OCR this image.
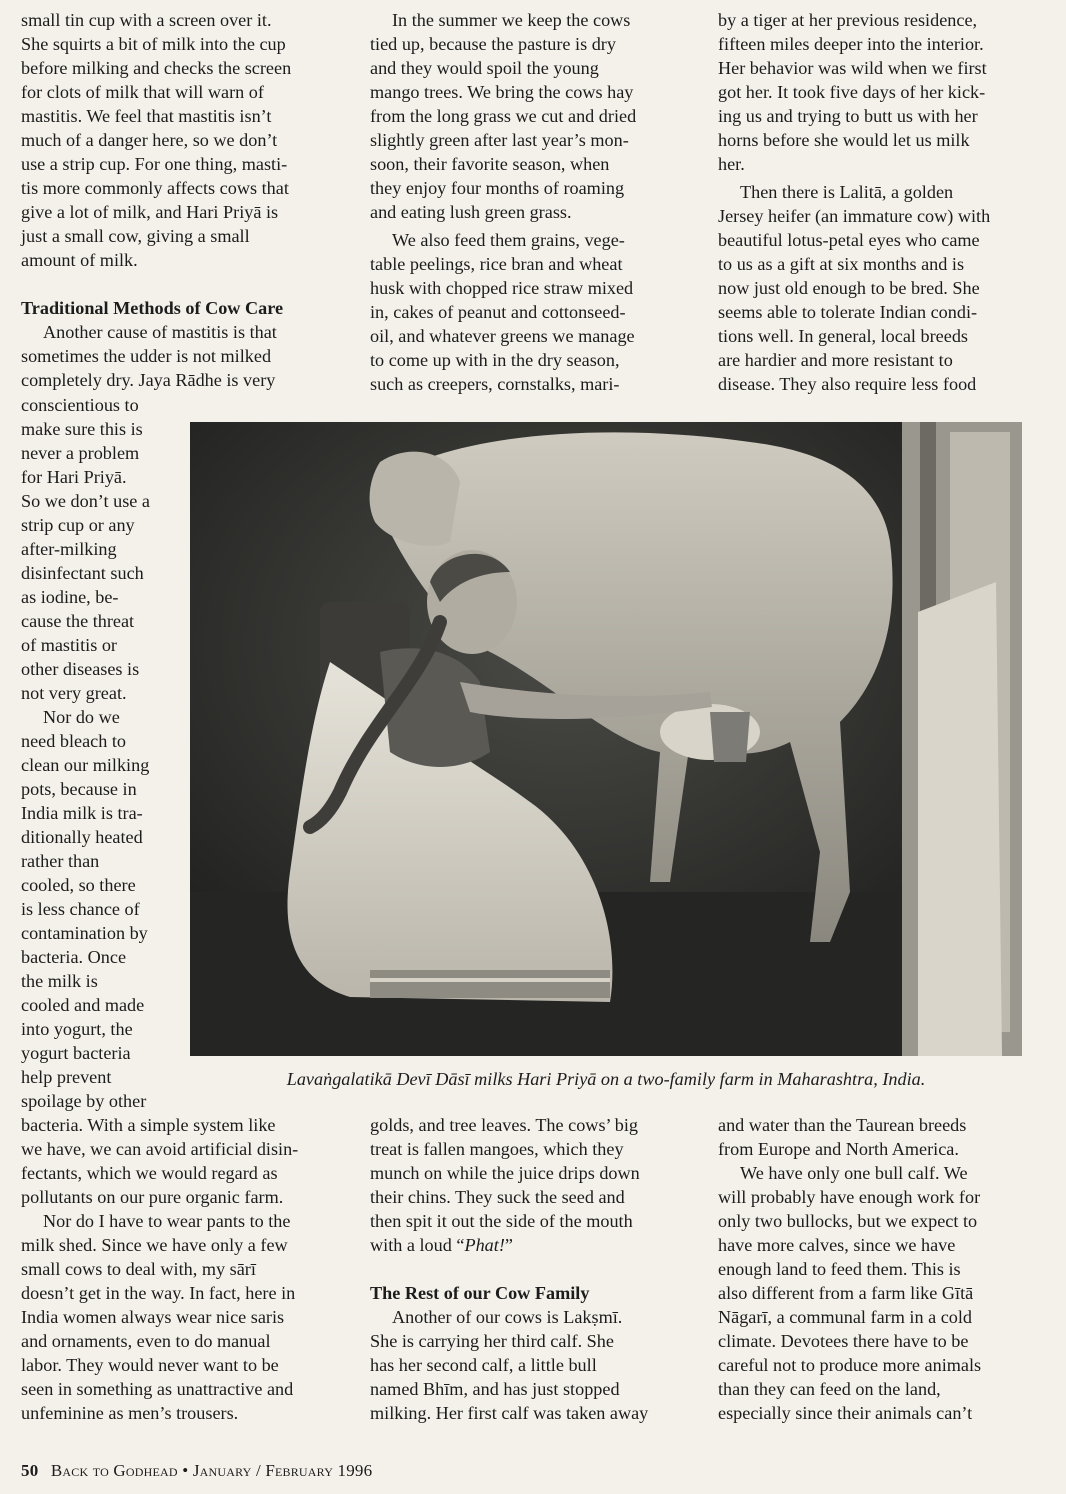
small tin cup with a screen over it.
She squirts a bit of milk into the cup
before milking and checks the screen
for clots of milk that will warn of
mastitis. We feel that mastitis isn’t
much of a danger here, so we don’t
use a strip cup. For one thing, masti-
tis more commonly affects cows that
give a lot of milk, and Hari Priyā is
just a small cow, giving a small
amount of milk.

Traditional Methods of Cow Care

Another cause of mastitis is that
sometimes the udder is not milked
completely dry. Jaya Rādhe is very

conscientious to
make sure this is
never a problem
for Hari Priyā.
So we don’t use a
strip cup or any
after-milking
disinfectant such
as iodine, be-
cause the threat
of mastitis or
other diseases is
not very great.

Nor do we
need bleach to
clean our milking
pots, because in
India milk is tra-
ditionally heated
rather than
cooled, so there
is less chance of
contamination by
bacteria. Once
the milk is
cooled and made
into yogurt, the
yogurt bacteria
help prevent
spoilage by other

bacteria. With a simple system like
we have, we can avoid artificial disin-
fectants, which we would regard as
pollutants on our pure organic farm.

Nor do I have to wear pants to the
milk shed. Since we have only a few
small cows to deal with, my sārī
doesn’t get in the way. In fact, here in
India women always wear nice saris
and ornaments, even to do manual
labor. They would never want to be
seen in something as unattractive and
unfeminine as men’s trousers.

In the summer we keep the cows
tied up, because the pasture is dry
and they would spoil the young
mango trees. We bring the cows hay
from the long grass we cut and dried
slightly green after last year’s mon-
soon, their favorite season, when
they enjoy four months of roaming
and eating lush green grass.

We also feed them grains, vege-
table peelings, rice bran and wheat
husk with chopped rice straw mixed
in, cakes of peanut and cottonseed-
oil, and whatever greens we manage
to come up with in the dry season,
such as creepers, cornstalks, mari-

golds, and tree leaves. The cows’ big
treat is fallen mangoes, which they
munch on while the juice drips down
their chins. They suck the seed and
then spit it out the side of the mouth
with a loud “Phat!”

The Rest of our Cow Family

Another of our cows is Lakṣmī.
She is carrying her third calf. She
has her second calf, a little bull
named Bhīm, and has just stopped
milking. Her first calf was taken away

by a tiger at her previous residence,
fifteen miles deeper into the interior.
Her behavior was wild when we first
got her. It took five days of her kick-
ing us and trying to butt us with her
horns before she would let us milk
her.

Then there is Lalitā, a golden
Jersey heifer (an immature cow) with
beautiful lotus-petal eyes who came
to us as a gift at six months and is
now just old enough to be bred. She
seems able to tolerate Indian condi-
tions well. In general, local breeds
are hardier and more resistant to
disease. They also require less food

and water than the Taurean breeds
from Europe and North America.

We have only one bull calf. We
will probably have enough work for
only two bullocks, but we expect to
have more calves, since we have
enough land to feed them. This is
also different from a farm like Gītā
Nāgarī, a communal farm in a cold
climate. Devotees there have to be
careful not to produce more animals
than they can feed on the land,
especially since their animals can’t

Lavaṅgalatikā Devī Dāsī milks Hari Priyā on a two-family farm in Maharashtra, India.

50 Back to Godhead • January / February 1996
